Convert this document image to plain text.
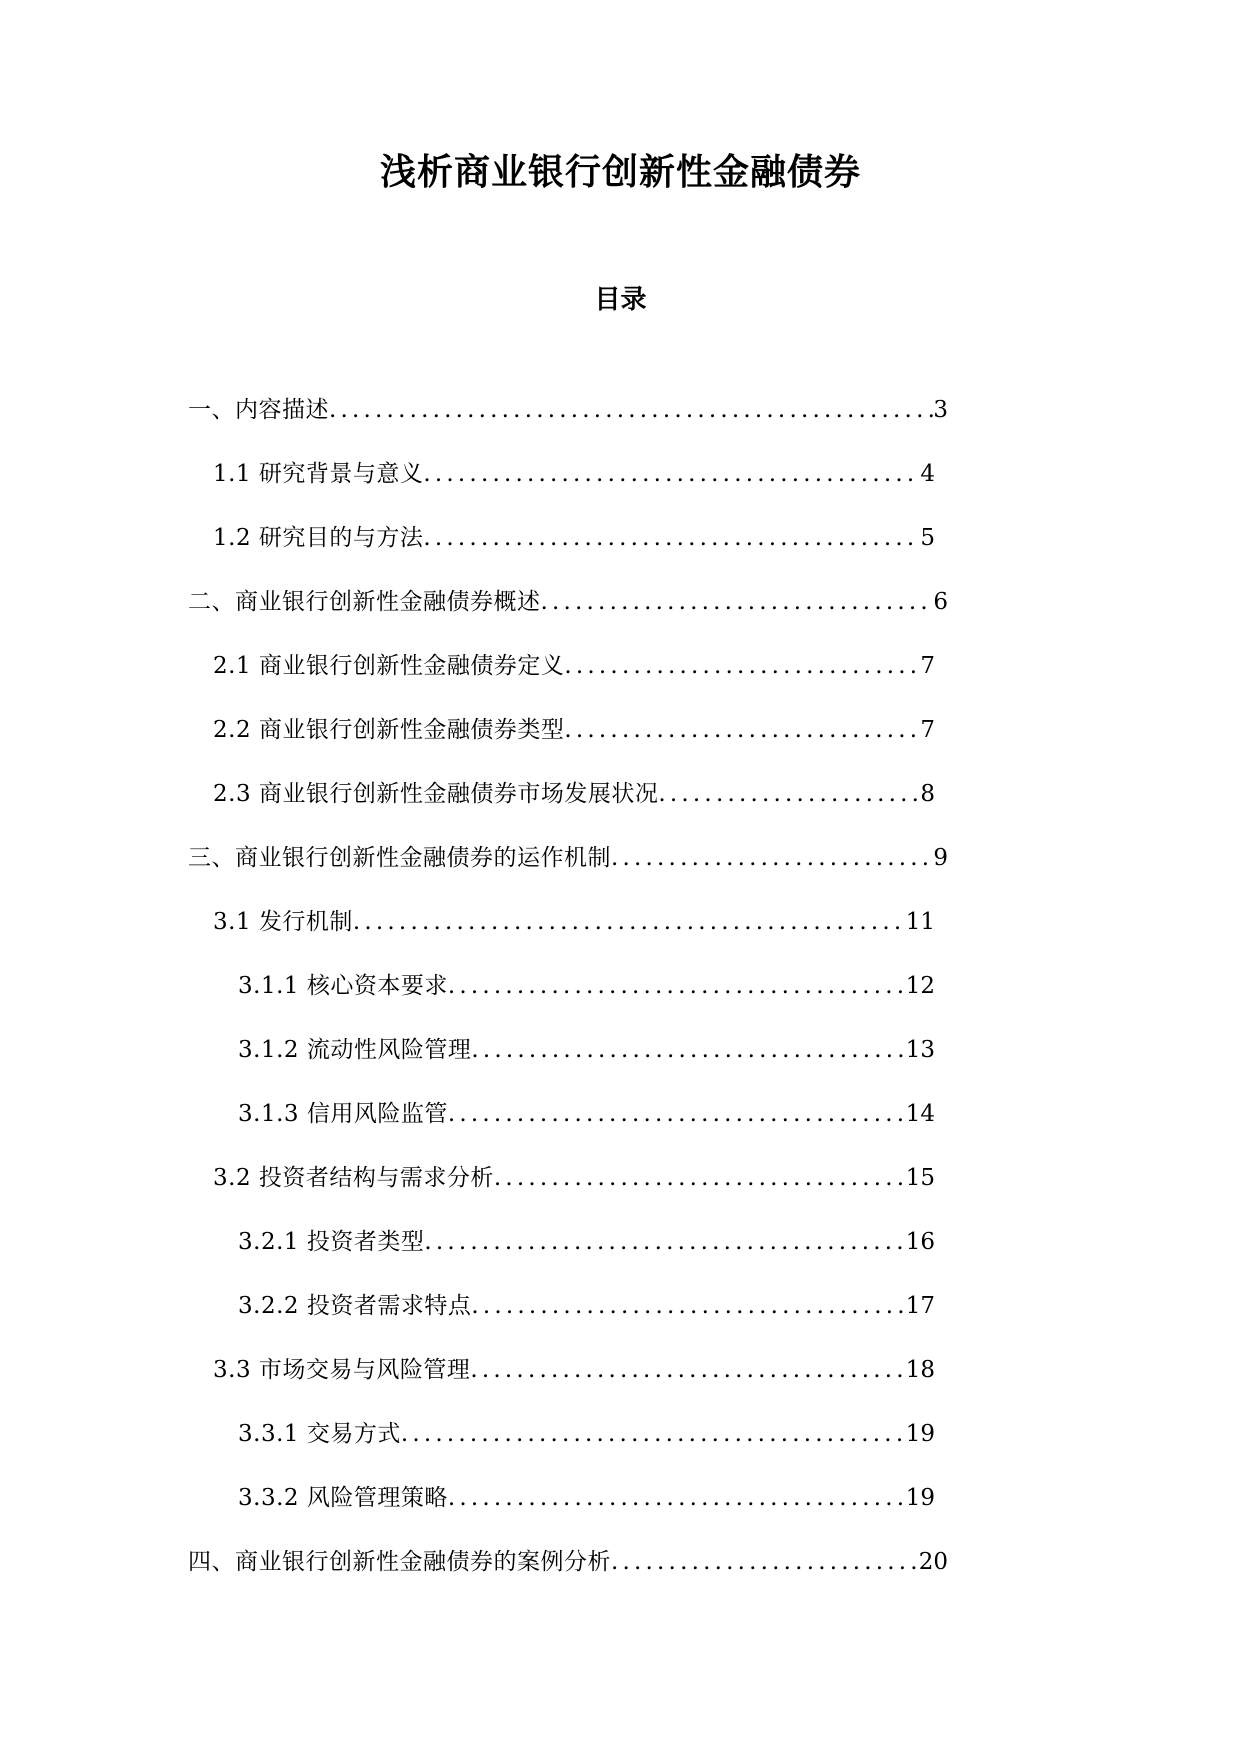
浅析商业银行创新性金融债券
目录
一、内容描述 .....	3
1.1 研究背景与意义 .....	4
1.2 研究目的与方法 .....	5
二、商业银行创新性金融债券概述 .....	6
2.1 商业银行创新性金融债券定义 .....	7
2.2 商业银行创新性金融债券类型 .....	7
2.3 商业银行创新性金融债券市场发展状况 .....	8
三、商业银行创新性金融债券的运作机制 .....	9
3.1 发行机制 .....	11
3.1.1 核心资本要求 .....	12
3.1.2 流动性风险管理 .....	13
3.1.3 信用风险监管 .....	14
3.2 投资者结构与需求分析 .....	15
3.2.1 投资者类型 .....	16
3.2.2 投资者需求特点 .....	17
3.3 市场交易与风险管理 .....	18
3.3.1 交易方式 .....	19
3.3.2 风险管理策略 .....	19
四、商业银行创新性金融债券的案例分析 .....	20
